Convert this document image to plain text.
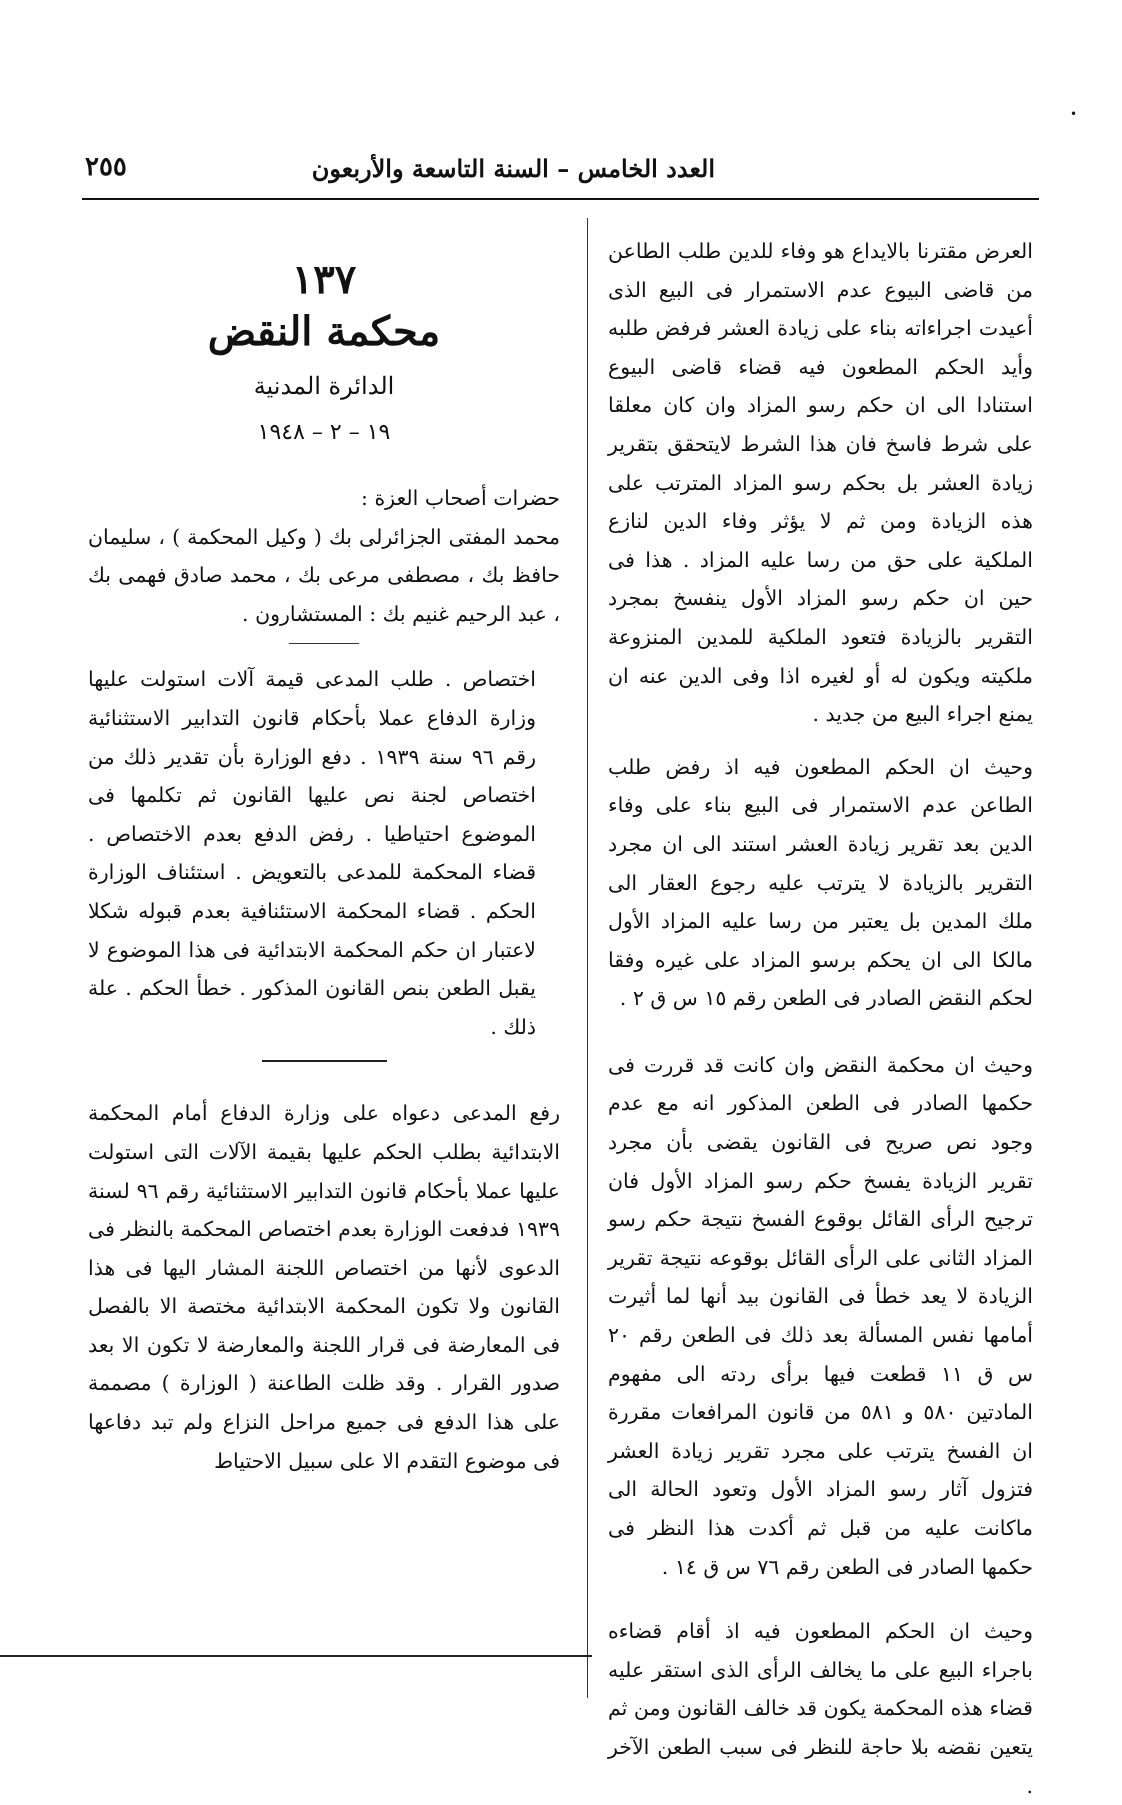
•
العدد الخامس – السنة التاسعة والأربعون
٢٥٥

العرض مقترنا بالايداع هو وفاء للدين طلب الطاعن من قاضى البيوع عدم الاستمرار فى البيع الذى أعيدت اجراءاته بناء على زيادة العشر فرفض طلبه وأيد الحكم المطعون فيه قضاء قاضى البيوع استنادا الى ان حكم رسو المزاد وان كان معلقا على شرط فاسخ فان هذا الشرط لايتحقق بتقرير زيادة العشر بل بحكم رسو المزاد المترتب على هذه الزيادة ومن ثم لا يؤثر وفاء الدين لنازع الملكية على حق من رسا عليه المزاد . هذا فى حين ان حكم رسو المزاد الأول ينفسخ بمجرد التقرير بالزيادة فتعود الملكية للمدين المنزوعة ملكيته ويكون له أو لغيره اذا وفى الدين عنه ان يمنع اجراء البيع من جديد .

وحيث ان الحكم المطعون فيه اذ رفض طلب الطاعن عدم الاستمرار فى البيع بناء على وفاء الدين بعد تقرير زيادة العشر استند الى ان مجرد التقرير بالزيادة لا يترتب عليه رجوع العقار الى ملك المدين بل يعتبر من رسا عليه المزاد الأول مالكا الى ان يحكم برسو المزاد على غيره وفقا لحكم النقض الصادر فى الطعن رقم ١٥ س ق ٢ .

وحيث ان محكمة النقض وان كانت قد قررت فى حكمها الصادر فى الطعن المذكور انه مع عدم وجود نص صريح فى القانون يقضى بأن مجرد تقرير الزيادة يفسخ حكم رسو المزاد الأول فان ترجيح الرأى القائل بوقوع الفسخ نتيجة حكم رسو المزاد الثانى على الرأى القائل بوقوعه نتيجة تقرير الزيادة لا يعد خطأ فى القانون بيد أنها لما أثيرت أمامها نفس المسألة بعد ذلك فى الطعن رقم ٢٠ س ق ١١ قطعت فيها برأى ردته الى مفهوم المادتين ٥٨٠ و ٥٨١ من قانون المرافعات مقررة ان الفسخ يترتب على مجرد تقرير زيادة العشر فتزول آثار رسو المزاد الأول وتعود الحالة الى ماكانت عليه من قبل ثم أكدت هذا النظر فى حكمها الصادر فى الطعن رقم ٧٦ س ق ١٤ .

وحيث ان الحكم المطعون فيه اذ أقام قضاءه باجراء البيع على ما يخالف الرأى الذى استقر عليه قضاء هذه المحكمة يكون قد خالف القانون ومن ثم يتعين نقضه بلا حاجة للنظر فى سبب الطعن الآخر .

١٣٧
محكمة النقض
الدائرة المدنية
١٩ – ٢ – ١٩٤٨

حضرات أصحاب العزة :

محمد المفتى الجزائرلى بك ( وكيل المحكمة ) ، سليمان حافظ بك ، مصطفى مرعى بك ، محمد صادق فهمى بك ، عبد الرحيم غنيم بك : المستشارون .

اختصاص . طلب المدعى قيمة آلات استولت عليها وزارة الدفاع عملا بأحكام قانون التدابير الاستثنائية رقم ٩٦ سنة ١٩٣٩ . دفع الوزارة بأن تقدير ذلك من اختصاص لجنة نص عليها القانون ثم تكلمها فى الموضوع احتياطيا . رفض الدفع بعدم الاختصاص . قضاء المحكمة للمدعى بالتعويض . استئناف الوزارة الحكم . قضاء المحكمة الاستئنافية بعدم قبوله شكلا لاعتبار ان حكم المحكمة الابتدائية فى هذا الموضوع لا يقبل الطعن بنص القانون المذكور . خطأ الحكم . علة ذلك .

رفع المدعى دعواه على وزارة الدفاع أمام المحكمة الابتدائية بطلب الحكم عليها بقيمة الآلات التى استولت عليها عملا بأحكام قانون التدابير الاستثنائية رقم ٩٦ لسنة ١٩٣٩ فدفعت الوزارة بعدم اختصاص المحكمة بالنظر فى الدعوى لأنها من اختصاص اللجنة المشار اليها فى هذا القانون ولا تكون المحكمة الابتدائية مختصة الا بالفصل فى المعارضة فى قرار اللجنة والمعارضة لا تكون الا بعد صدور القرار . وقد ظلت الطاعنة ( الوزارة ) مصممة على هذا الدفع فى جميع مراحل النزاع ولم تبد دفاعها فى موضوع التقدم الا على سبيل الاحتياط
